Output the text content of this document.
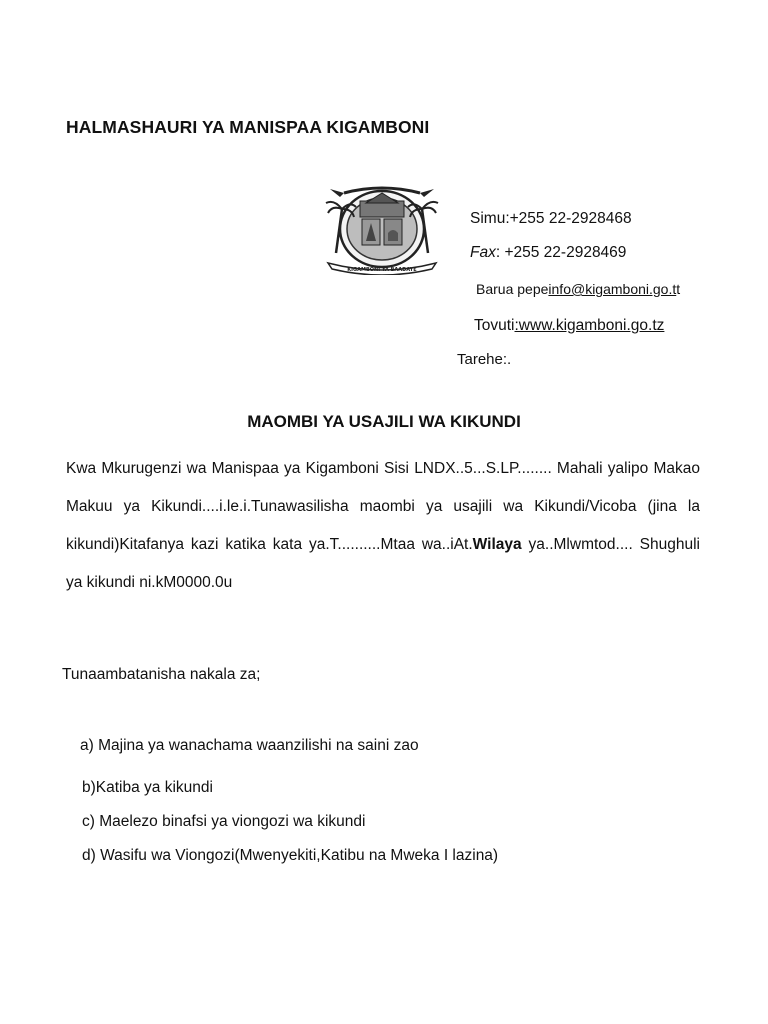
HALMASHAURI YA MANISPAA KIGAMBONI
KIGAMBONI YA BAADAYE
Simu:+255 22-2928468
Fax: +255 22-2928469
Barua pepeinfo@kigamboni.go.tt
Tovuti:www.kigamboni.go.tz
Tarehe:.
MAOMBI YA USAJILI WA KIKUNDI

Kwa Mkurugenzi wa Manispaa ya Kigamboni Sisi LNDX..5...S.LP........ Mahali yalipo Makao Makuu ya Kikundi....i.le.i.Tunawasilisha maombi ya usajili wa Kikundi/Vicoba (jina la kikundi)Kitafanya kazi katika kata ya.T..........Mtaa wa..iAt.Wilaya ya..Mlwmtod.... Shughuli ya kikundi ni.kM0000.0u

Tunaambatanisha nakala za;
a) Majina ya wanachama waanzilishi na saini zao
b)Katiba ya kikundi
c) Maelezo binafsi ya viongozi wa kikundi
d) Wasifu wa Viongozi(Mwenyekiti,Katibu na Mweka I lazina)
